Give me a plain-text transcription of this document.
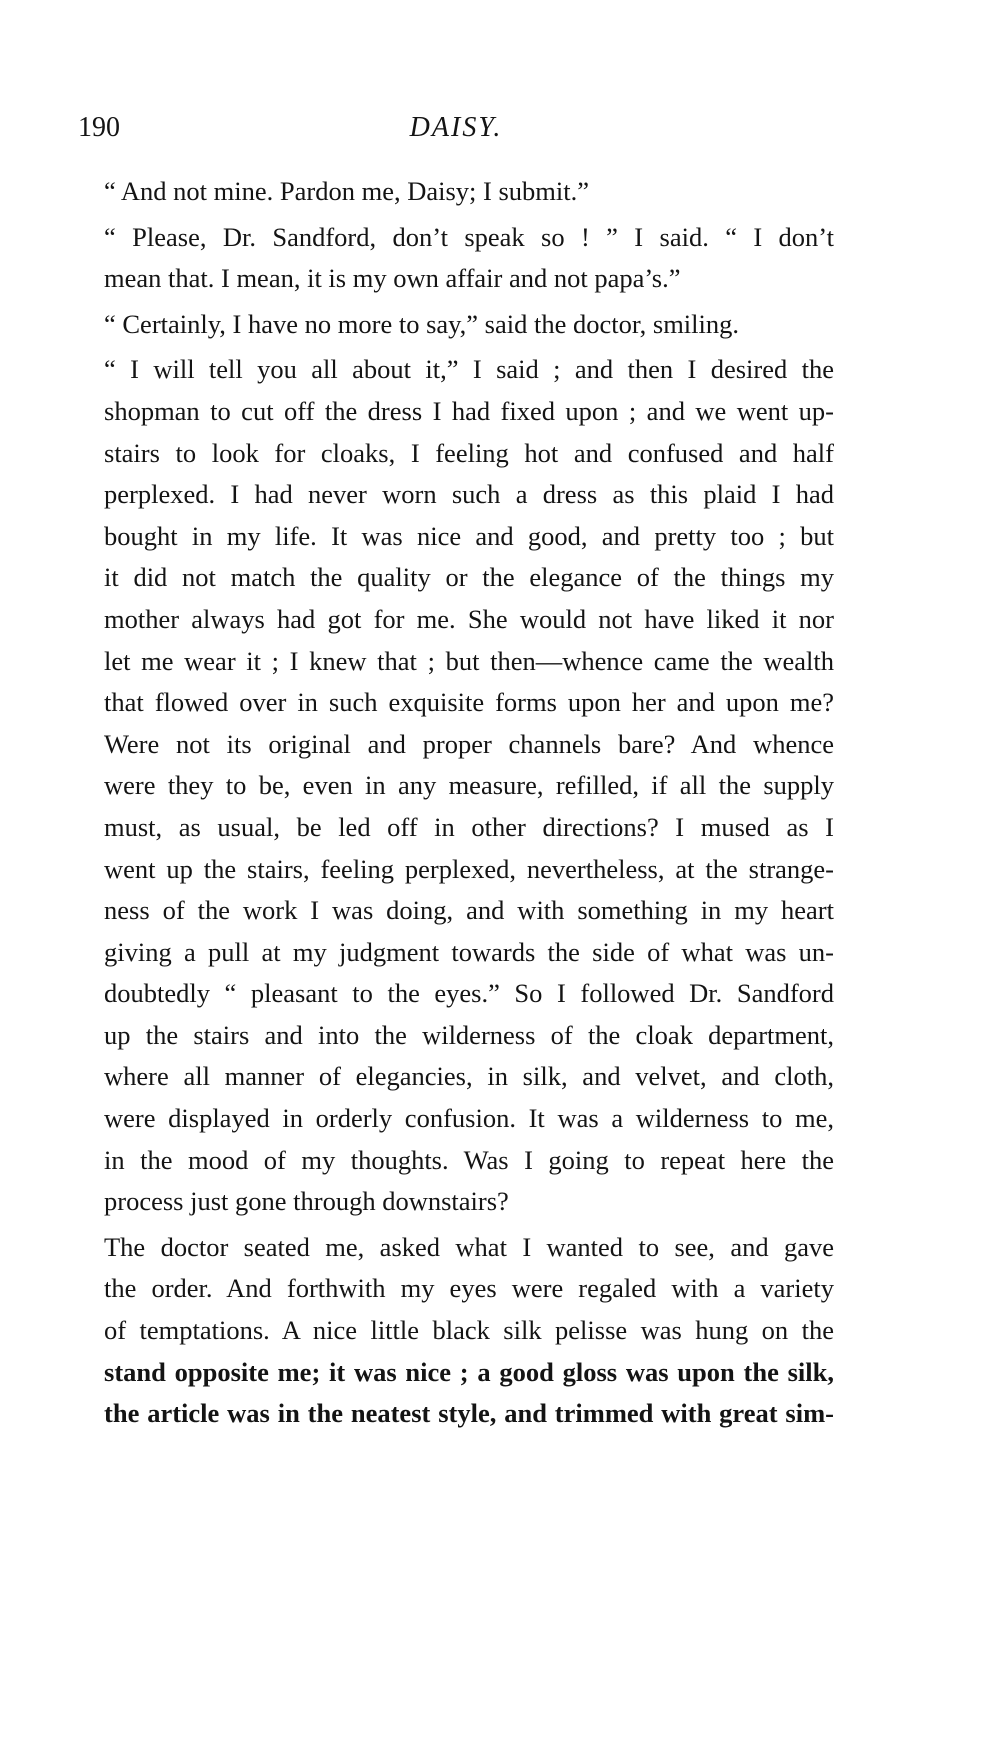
190	DAISY.

“ And not mine. Pardon me, Daisy; I submit.”

“ Please, Dr. Sandford, don’t speak so ! ” I said. “ I don’t
mean that. I mean, it is my own affair and not papa’s.”

“ Certainly, I have no more to say,” said the doctor, smiling.

“ I will tell you all about it,” I said ; and then I desired the
shopman to cut off the dress I had fixed upon ; and we went up-
stairs to look for cloaks, I feeling hot and confused and half
perplexed. I had never worn such a dress as this plaid I had
bought in my life. It was nice and good, and pretty too ; but
it did not match the quality or the elegance of the things my
mother always had got for me. She would not have liked it nor
let me wear it ; I knew that ; but then—whence came the wealth
that flowed over in such exquisite forms upon her and upon me?
Were not its original and proper channels bare? And whence
were they to be, even in any measure, refilled, if all the supply
must, as usual, be led off in other directions? I mused as I
went up the stairs, feeling perplexed, nevertheless, at the strange-
ness of the work I was doing, and with something in my heart
giving a pull at my judgment towards the side of what was un-
doubtedly “ pleasant to the eyes.” So I followed Dr. Sandford
up the stairs and into the wilderness of the cloak department,
where all manner of elegancies, in silk, and velvet, and cloth,
were displayed in orderly confusion. It was a wilderness to me,
in the mood of my thoughts. Was I going to repeat here the
process just gone through downstairs?

The doctor seated me, asked what I wanted to see, and gave
the order. And forthwith my eyes were regaled with a variety
of temptations. A nice little black silk pelisse was hung on the
stand opposite me; it was nice ; a good gloss was upon the silk,
the article was in the neatest style, and trimmed with great sim-
